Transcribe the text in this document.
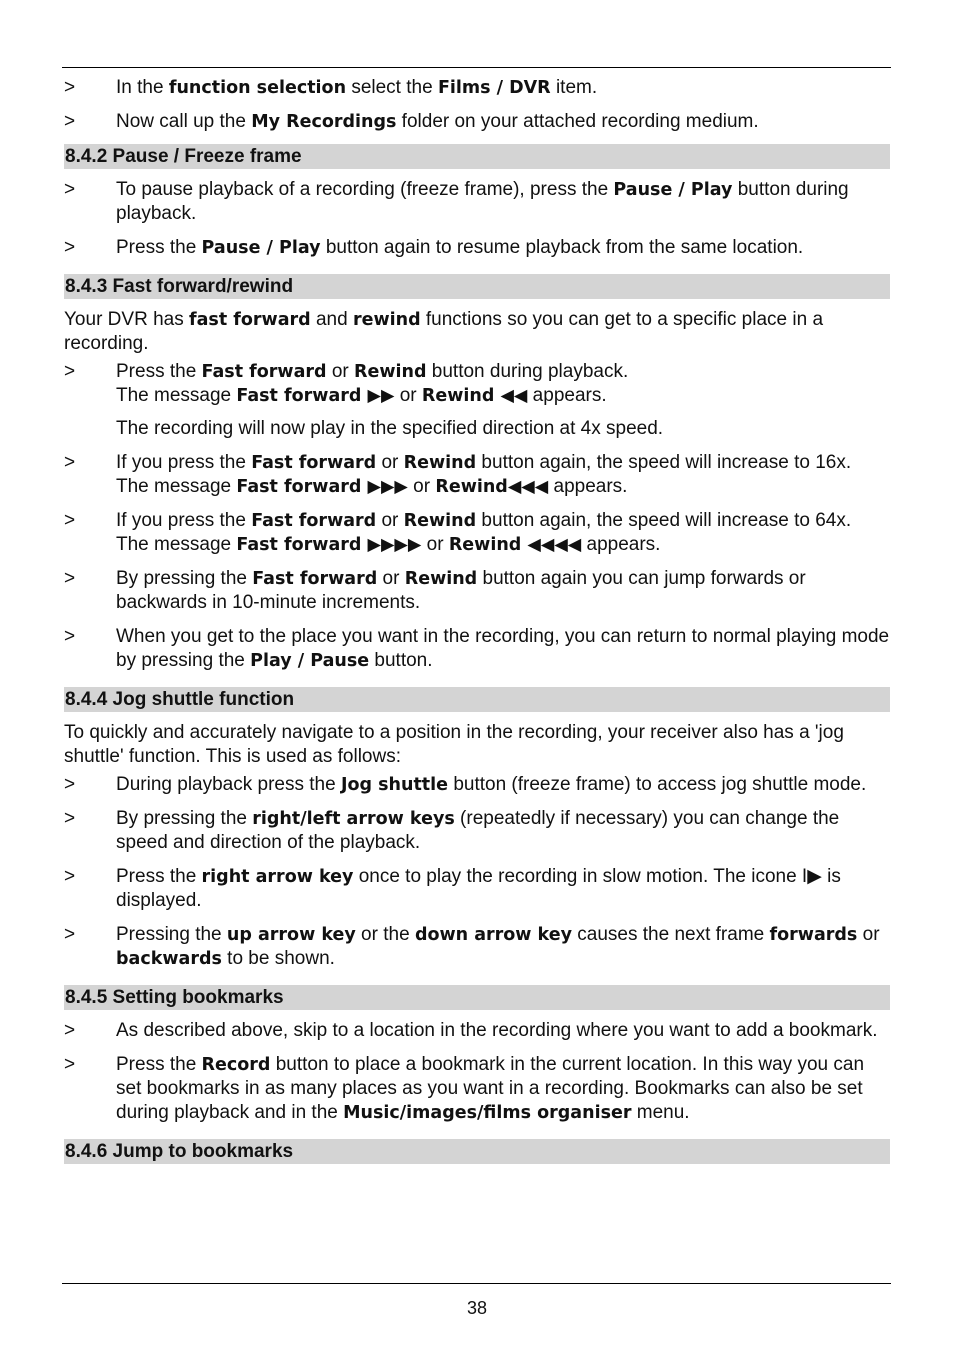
> In the function selection select the Films / DVR item.

> Now call up the My Recordings folder on your attached recording medium.

8.4.2 Pause / Freeze frame
> To pause playback of a recording (freeze frame), press the Pause / Play button during playback.

> Press the Pause / Play button again to resume playback from the same location.

8.4.3 Fast forward/rewind

Your DVR has fast forward and rewind functions so you can get to a specific place in a recording.

> Press the Fast forward or Rewind button during playback.

The message Fast forward ▶▶ or Rewind ◀◀ appears.

The recording will now play in the specified direction at 4x speed.

> If you press the Fast forward or Rewind button again, the speed will increase to 16x.

The message Fast forward ▶▶▶ or Rewind◀◀◀ appears.

> If you press the Fast forward or Rewind button again, the speed will increase to 64x.

The message Fast forward ▶▶▶▶ or Rewind ◀◀◀◀ appears.

> By pressing the Fast forward or Rewind button again you can jump forwards or backwards in 10-minute increments.

> When you get to the place you want in the recording, you can return to normal playing mode by pressing the Play / Pause button.

8.4.4 Jog shuttle function

To quickly and accurately navigate to a position in the recording, your receiver also has a 'jog shuttle' function. This is used as follows:

> During playback press the Jog shuttle button (freeze frame) to access jog shuttle mode.

> By pressing the right/left arrow keys (repeatedly if necessary) you can change the speed and direction of the playback.

> Press the right arrow key once to play the recording in slow motion. The icone I▶ is displayed.

> Pressing the up arrow key or the down arrow key causes the next frame forwards or backwards to be shown.

8.4.5 Setting bookmarks
> As described above, skip to a location in the recording where you want to add a bookmark.

> Press the Record button to place a bookmark in the current location. In this way you can set bookmarks in as many places as you want in a recording. Bookmarks can also be set during playback and in the Music/images/films organiser menu.

8.4.6 Jump to bookmarks
38
